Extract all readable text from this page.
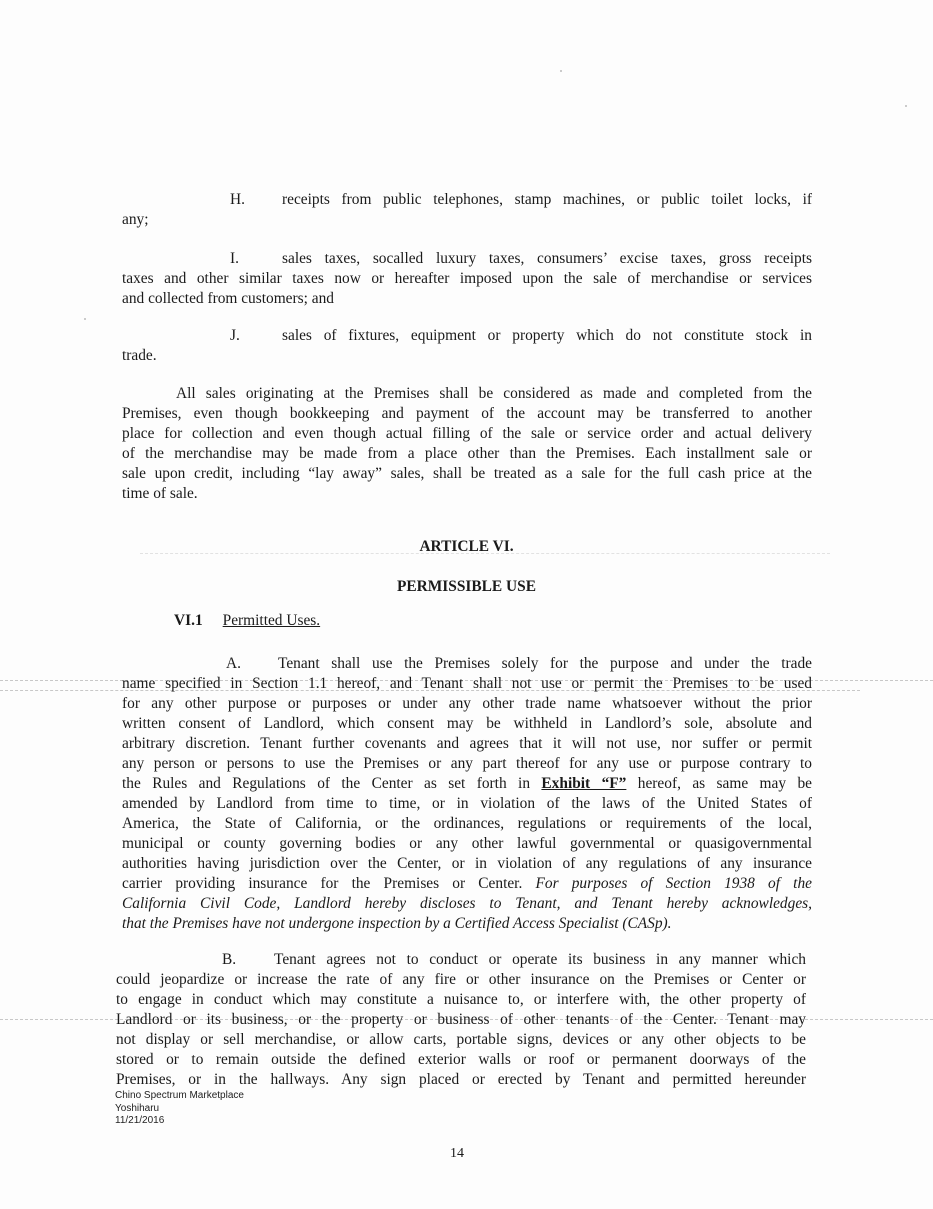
H.	receipts from public telephones, stamp machines, or public toilet locks, if
any;
I.	sales taxes, socalled luxury taxes, consumers’ excise taxes, gross receipts
taxes and other similar taxes now or hereafter imposed upon the sale of merchandise or services
and collected from customers; and
J.	sales of fixtures, equipment or property which do not constitute stock in
trade.
All sales originating at the Premises shall be considered as made and completed from the
Premises, even though bookkeeping and payment of the account may be transferred to another
place for collection and even though actual filling of the sale or service order and actual delivery
of the merchandise may be made from a place other than the Premises. Each installment sale or
sale upon credit, including “lay away” sales, shall be treated as a sale for the full cash price at the
time of sale.
ARTICLE VI.
PERMISSIBLE USE
VI.1 Permitted Uses.
A.	Tenant shall use the Premises solely for the purpose and under the trade
name specified in Section 1.1 hereof, and Tenant shall not use or permit the Premises to be used
for any other purpose or purposes or under any other trade name whatsoever without the prior
written consent of Landlord, which consent may be withheld in Landlord’s sole, absolute and
arbitrary discretion. Tenant further covenants and agrees that it will not use, nor suffer or permit
any person or persons to use the Premises or any part thereof for any use or purpose contrary to
the Rules and Regulations of the Center as set forth in Exhibit “F” hereof, as same may be
amended by Landlord from time to time, or in violation of the laws of the United States of
America, the State of California, or the ordinances, regulations or requirements of the local,
municipal or county governing bodies or any other lawful governmental or quasigovernmental
authorities having jurisdiction over the Center, or in violation of any regulations of any insurance
carrier providing insurance for the Premises or Center. For purposes of Section 1938 of the
California Civil Code, Landlord hereby discloses to Tenant, and Tenant hereby acknowledges,
that the Premises have not undergone inspection by a Certified Access Specialist (CASp).
B.	Tenant agrees not to conduct or operate its business in any manner which
could jeopardize or increase the rate of any fire or other insurance on the Premises or Center or
to engage in conduct which may constitute a nuisance to, or interfere with, the other property of
Landlord or its business, or the property or business of other tenants of the Center. Tenant may
not display or sell merchandise, or allow carts, portable signs, devices or any other objects to be
stored or to remain outside the defined exterior walls or roof or permanent doorways of the
Premises, or in the hallways. Any sign placed or erected by Tenant and permitted hereunder
Chino Spectrum Marketplace
Yoshiharu
11/21/2016
14
